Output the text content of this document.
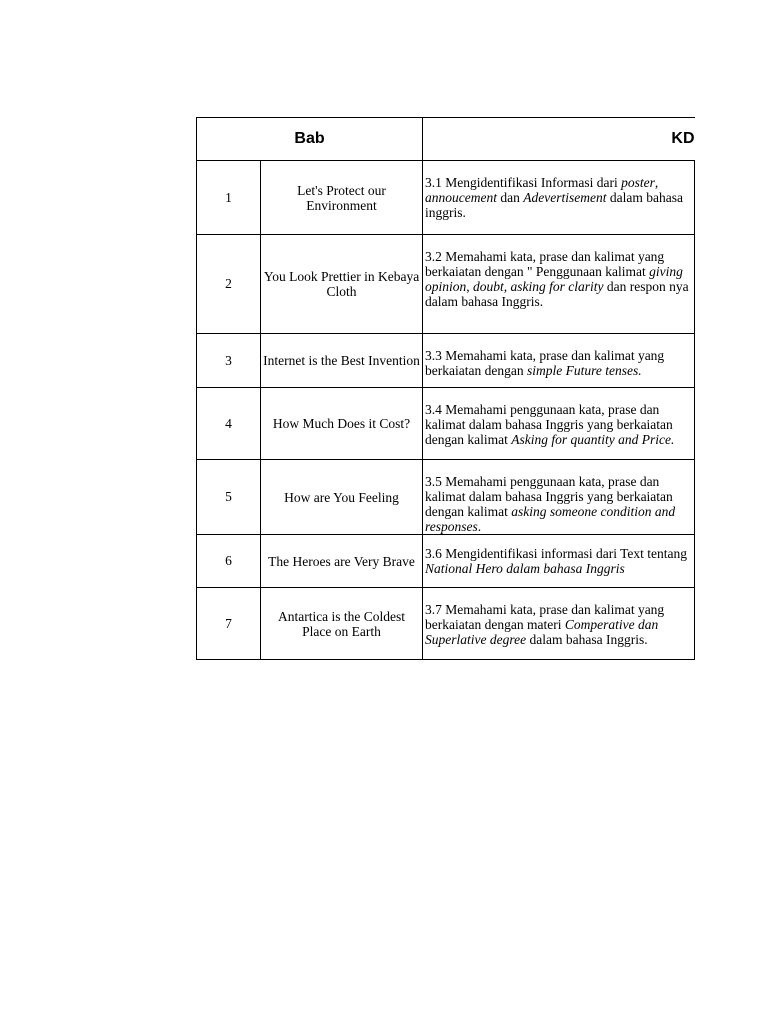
Bab		KD
1	Let's Protect our Environment	3.1 Mengidentifikasi Informasi dari poster, annoucement dan Adevertisement dalam bahasa inggris.
2	You Look Prettier in Kebaya Cloth	3.2 Memahami kata, prase dan kalimat yang berkaiatan dengan " Penggunaan kalimat giving opinion, doubt, asking for clarity dan respon nya dalam bahasa Inggris.
3	Internet is the Best Invention	3.3 Memahami kata, prase dan kalimat yang berkaiatan dengan simple Future tenses.
4	How Much Does it Cost?	3.4 Memahami penggunaan kata, prase dan kalimat dalam bahasa Inggris yang berkaiatan dengan kalimat Asking for quantity and Price.
5	How are You Feeling	3.5 Memahami penggunaan kata, prase dan kalimat dalam bahasa Inggris yang berkaiatan dengan kalimat asking someone condition and responses.
6	The Heroes are Very Brave	3.6 Mengidentifikasi informasi dari Text tentang National Hero dalam bahasa Inggris
7	Antartica is the Coldest Place on Earth	3.7 Memahami kata, prase dan kalimat yang berkaiatan dengan materi Comperative dan Superlative degree dalam bahasa Inggris.
